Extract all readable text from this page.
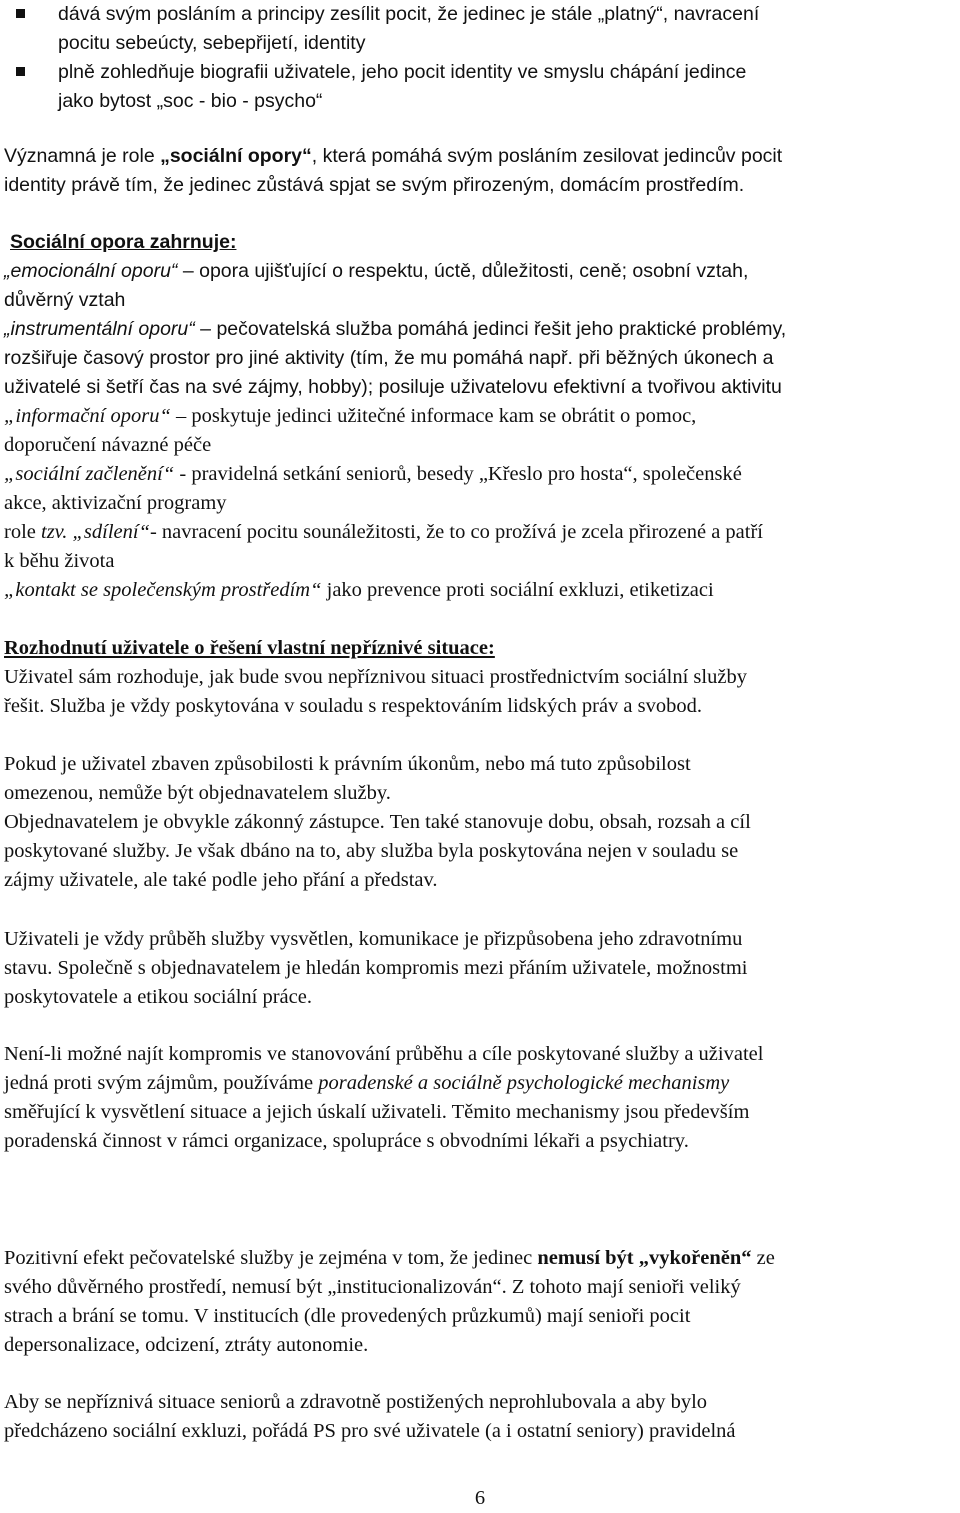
dává svým posláním a principy zesílit pocit, že jedinec je stále „platný“, navracení
pocitu sebeúcty, sebepřijetí, identity
plně zohledňuje biografii uživatele, jeho pocit identity ve smyslu chápání jedince
jako bytost „soc - bio - psycho“
Významná je role „sociální opory“, která pomáhá svým posláním zesilovat jedincův pocit
identity právě tím, že jedinec zůstává spjat se svým přirozeným, domácím prostředím.
Sociální opora zahrnuje:
„emocionální oporu“ – opora ujišťující o respektu, úctě, důležitosti, ceně; osobní vztah,
důvěrný vztah
„instrumentální oporu“ – pečovatelská služba pomáhá jedinci řešit jeho praktické problémy,
rozšiřuje časový prostor pro jiné aktivity (tím, že mu pomáhá např. při běžných úkonech a
uživatelé si šetří čas na své zájmy, hobby); posiluje uživatelovu efektivní a tvořivou aktivitu
„informační oporu“ – poskytuje jedinci užitečné informace kam se obrátit o pomoc,
doporučení návazné péče
„sociální začlenění“ - pravidelná setkání seniorů, besedy „Křeslo pro hosta“, společenské
akce, aktivizační programy
role tzv. „sdílení“- navracení pocitu sounáležitosti, že to co prožívá je zcela přirozené a patří
k běhu života
„kontakt se společenským prostředím“ jako prevence proti sociální exkluzi, etiketizaci
Rozhodnutí uživatele o řešení vlastní nepříznivé situace:
Uživatel sám rozhoduje, jak bude svou nepříznivou situaci prostřednictvím sociální služby
řešit. Služba je vždy poskytována v souladu s respektováním lidských práv a svobod.
Pokud je uživatel zbaven způsobilosti k právním úkonům, nebo má tuto způsobilost
omezenou, nemůže být objednavatelem služby.
Objednavatelem je obvykle zákonný zástupce. Ten také stanovuje dobu, obsah, rozsah a cíl
poskytované služby. Je však dbáno na to, aby služba byla poskytována nejen v souladu se
zájmy uživatele, ale také podle jeho přání a představ.
Uživateli je vždy průběh služby vysvětlen, komunikace je přizpůsobena jeho zdravotnímu
stavu. Společně s objednavatelem je hledán kompromis mezi přáním uživatele, možnostmi
poskytovatele a etikou sociální práce.
Není-li možné najít kompromis ve stanovování průběhu a cíle poskytované služby a uživatel
jedná proti svým zájmům, používáme poradenské a sociálně psychologické mechanismy
směřující k vysvětlení situace a jejich úskalí uživateli. Těmito mechanismy jsou především
poradenská činnost v rámci organizace, spolupráce s obvodními lékaři a psychiatry.
Pozitivní efekt pečovatelské služby je zejména v tom, že jedinec nemusí být „vykořeněn“ ze
svého důvěrného prostředí, nemusí být „institucionalizován“. Z tohoto mají senioři veliký
strach a brání se tomu. V institucích (dle provedených průzkumů) mají senioři pocit
depersonalizace, odcizení, ztráty autonomie.
Aby se nepříznivá situace seniorů a zdravotně postižených neprohlubovala a aby bylo
předcházeno sociální exkluzi, pořádá PS pro své uživatele (a i ostatní seniory) pravidelná
6
